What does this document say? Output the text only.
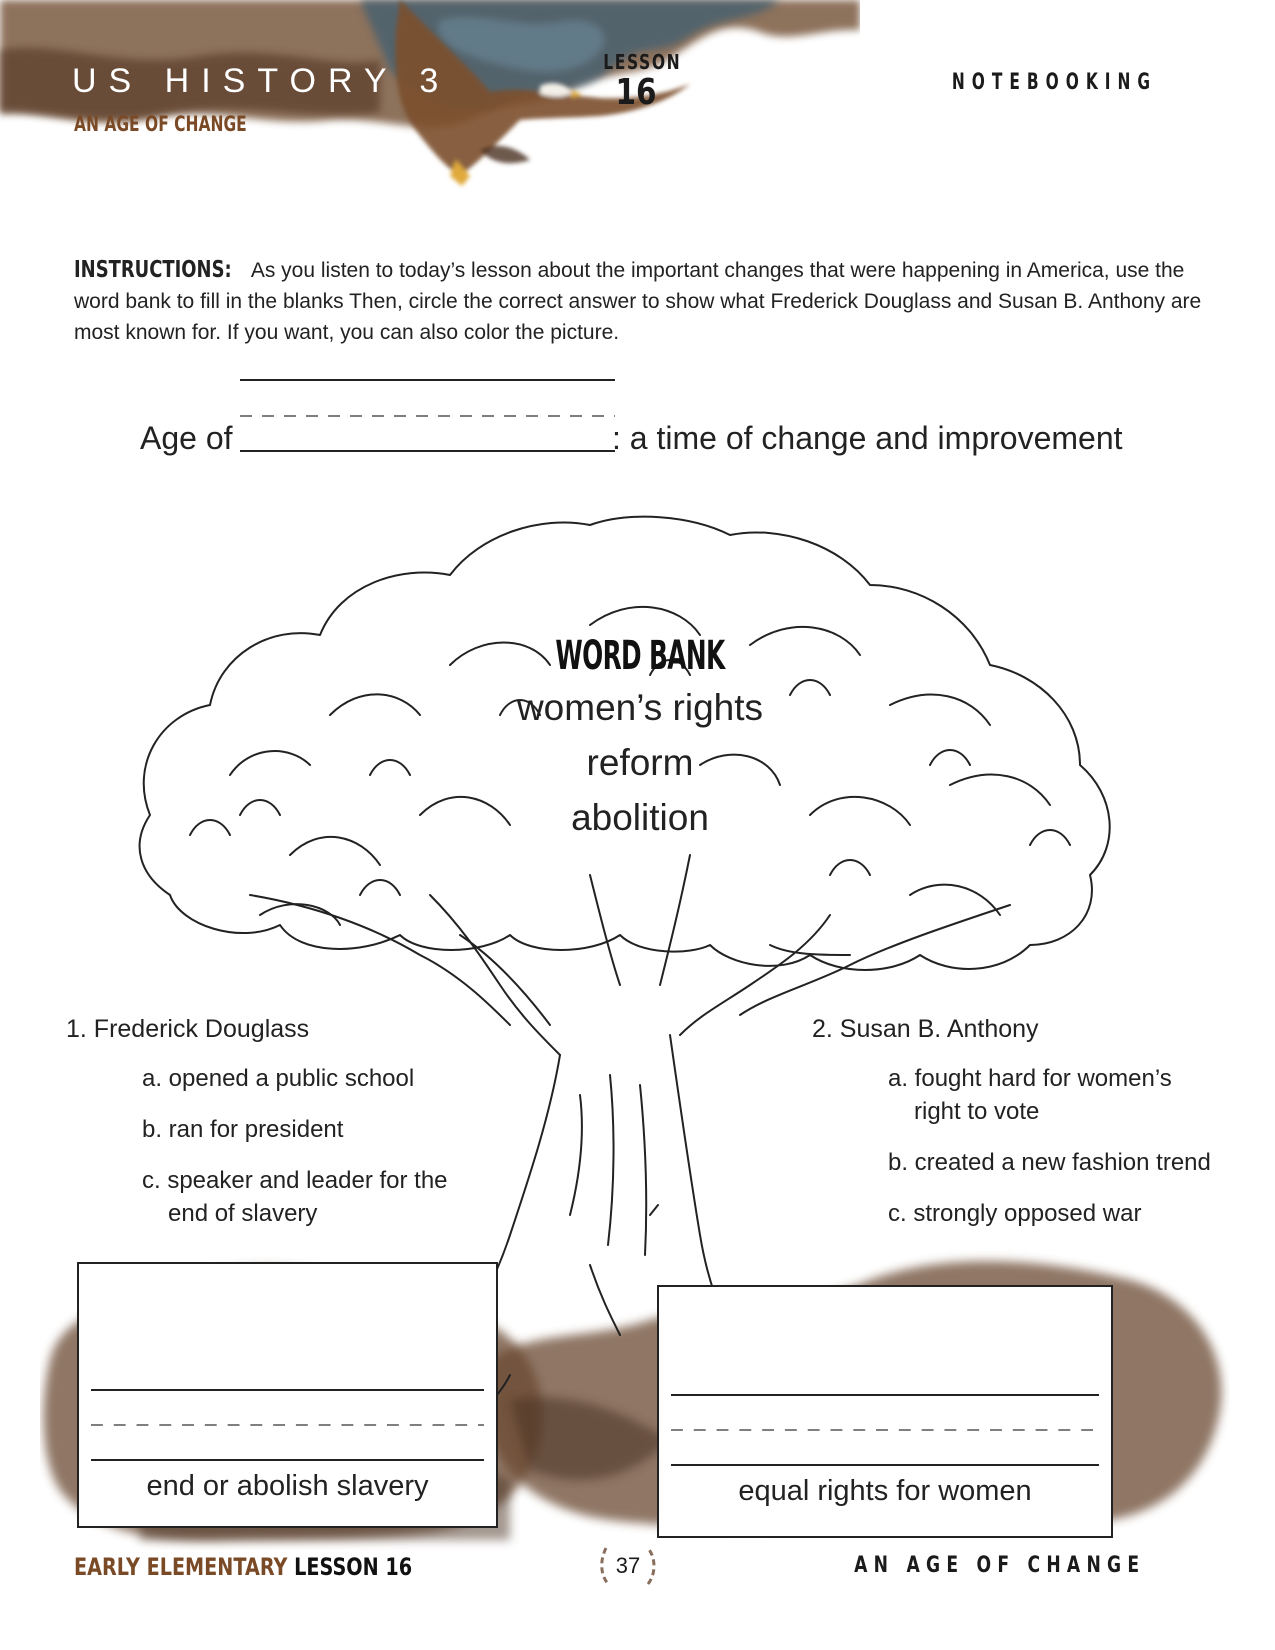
US HISTORY 3
AN AGE OF CHANGE
LESSON
16	NOTEBOOKING
INSTRUCTIONS: As you listen to today’s lesson about the important changes that were happening in America, use the word bank to fill in the blanks Then, circle the correct answer to show what Frederick Douglass and Susan B. Anthony are most known for. If you want, you can also color the picture.
Age of	: a time of change and improvement
WORD BANK
women’s rights
reform
abolition
1. Frederick Douglass
a. opened a public school
b. ran for president
c. speaker and leader for the end of slavery
2. Susan B. Anthony
a. fought hard for women’s right to vote
b. created a new fashion trend
c. strongly opposed war
end or abolish slavery	equal rights for women
EARLY ELEMENTARY LESSON 16	37	AN AGE OF CHANGE
